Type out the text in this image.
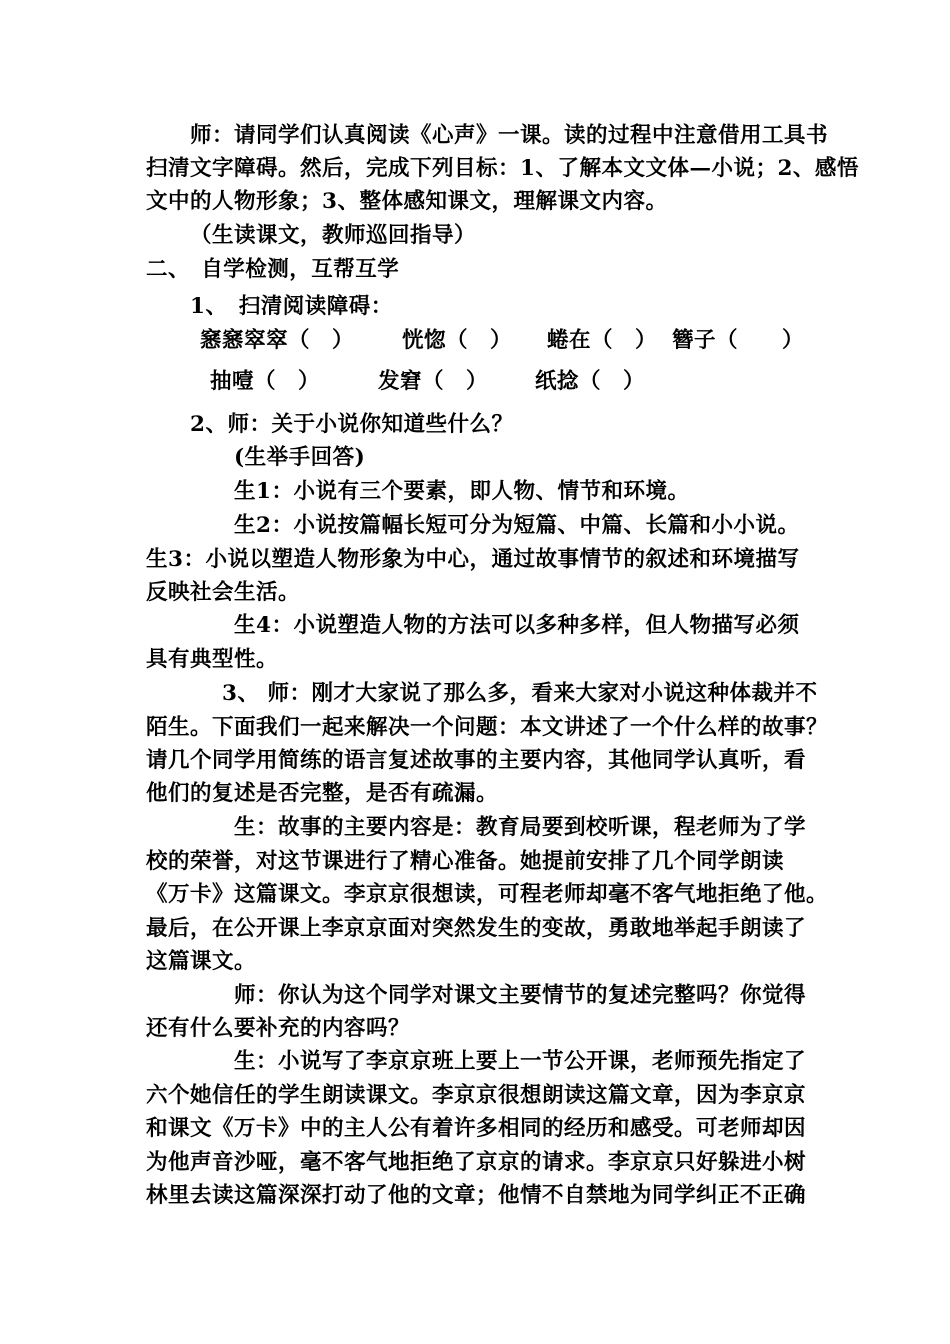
师：请同学们认真阅读《心声》一课。读的过程中注意借用工具书
扫清文字障碍。然后，完成下列目标：1、了解本文文体—小说；2、感悟
文中的人物形象；3、整体感知课文，理解课文内容。
（生读课文，教师巡回指导）
二、　自学检测，互帮互学
1、　扫清阅读障碍：
窸窸窣窣（　） 恍惚（　） 蜷在（　） 簪子（　　）
抽噎（　）	发窘（　） 纸捻（　）
2、师：关于小说你知道些什么？
(生举手回答)
生1：小说有三个要素，即人物、情节和环境。
生2：小说按篇幅长短可分为短篇、中篇、长篇和小小说。
生3：小说以塑造人物形象为中心，通过故事情节的叙述和环境描写
反映社会生活。
生4：小说塑造人物的方法可以多种多样，但人物描写必须
具有典型性。
3、 师：刚才大家说了那么多，看来大家对小说这种体裁并不
陌生。下面我们一起来解决一个问题：本文讲述了一个什么样的故事？
请几个同学用简练的语言复述故事的主要内容，其他同学认真听，看
他们的复述是否完整，是否有疏漏。
生：故事的主要内容是：教育局要到校听课，程老师为了学
校的荣誉，对这节课进行了精心准备。她提前安排了几个同学朗读
《万卡》这篇课文。李京京很想读，可程老师却毫不客气地拒绝了他。
最后，在公开课上李京京面对突然发生的变故，勇敢地举起手朗读了
这篇课文。
师：你认为这个同学对课文主要情节的复述完整吗？你觉得
还有什么要补充的内容吗？
生：小说写了李京京班上要上一节公开课，老师预先指定了
六个她信任的学生朗读课文。李京京很想朗读这篇文章，因为李京京
和课文《万卡》中的主人公有着许多相同的经历和感受。可老师却因
为他声音沙哑，毫不客气地拒绝了京京的请求。李京京只好躲进小树
林里去读这篇深深打动了他的文章；他情不自禁地为同学纠正不正确
